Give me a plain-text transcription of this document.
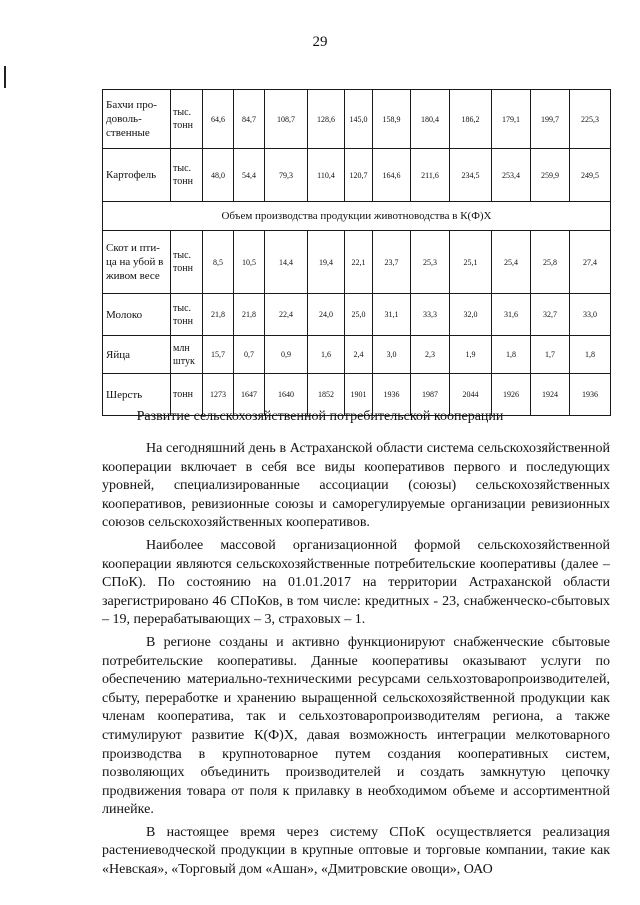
29
Бахчи про-доволь-ственные	тыс. тонн	64,6	84,7	108,7	128,6	145,0	158,9	180,4	186,2	179,1	199,7	225,3
Картофель	тыс. тонн	48,0	54,4	79,3	110,4	120,7	164,6	211,6	234,5	253,4	259,9	249,5
Объем производства продукции животноводства в К(Ф)Х												
Скот и пти-ца на убой в живом весе	тыс. тонн	8,5	10,5	14,4	19,4	22,1	23,7	25,3	25,1	25,4	25,8	27,4
Молоко	тыс. тонн	21,8	21,8	22,4	24,0	25,0	31,1	33,3	32,0	31,6	32,7	33,0
Яйца	млн штук	15,7	0,7	0,9	1,6	2,4	3,0	2,3	1,9	1,8	1,7	1,8
Шерсть	тонн	1273	1647	1640	1852	1901	1936	1987	2044	1926	1924	1936
Развитие сельскохозяйственной потребительской кооперации

На сегодняшний день в Астраханской области система сельскохозяйственной кооперации включает в себя все виды кооперативов первого и последующих уровней, специализированные ассоциации (союзы) сельскохозяйственных кооперативов, ревизионные союзы и саморегулируемые организации ревизионных союзов сельскохозяйственных кооперативов.

Наиболее массовой организационной формой сельскохозяйственной кооперации являются сельскохозяйственные потребительские кооперативы (далее – СПоК). По состоянию на 01.01.2017 на территории Астраханской области зарегистрировано 46 СПоКов, в том числе: кредитных - 23, снабженческо-сбытовых – 19, перерабатывающих – 3, страховых – 1.

В регионе созданы и активно функционируют снабженческие сбытовые потребительские кооперативы. Данные кооперативы оказывают услуги по обеспечению материально-техническими ресурсами сельхозтоваропроизводителей, сбыту, переработке и хранению выращенной сельскохозяйственной продукции как членам кооператива, так и сельхозтоваропроизводителям региона, а также стимулируют развитие К(Ф)Х, давая возможность интеграции мелкотоварного производства в крупнотоварное путем создания кооперативных систем, позволяющих объединить производителей и создать замкнутую цепочку продвижения товара от поля к прилавку в необходимом объеме и ассортиментной линейке.

В настоящее время через систему СПоК осуществляется реализация растениеводческой продукции в крупные оптовые и торговые компании, такие как «Невская», «Торговый дом «Ашан», «Дмитровские овощи», ОАО
